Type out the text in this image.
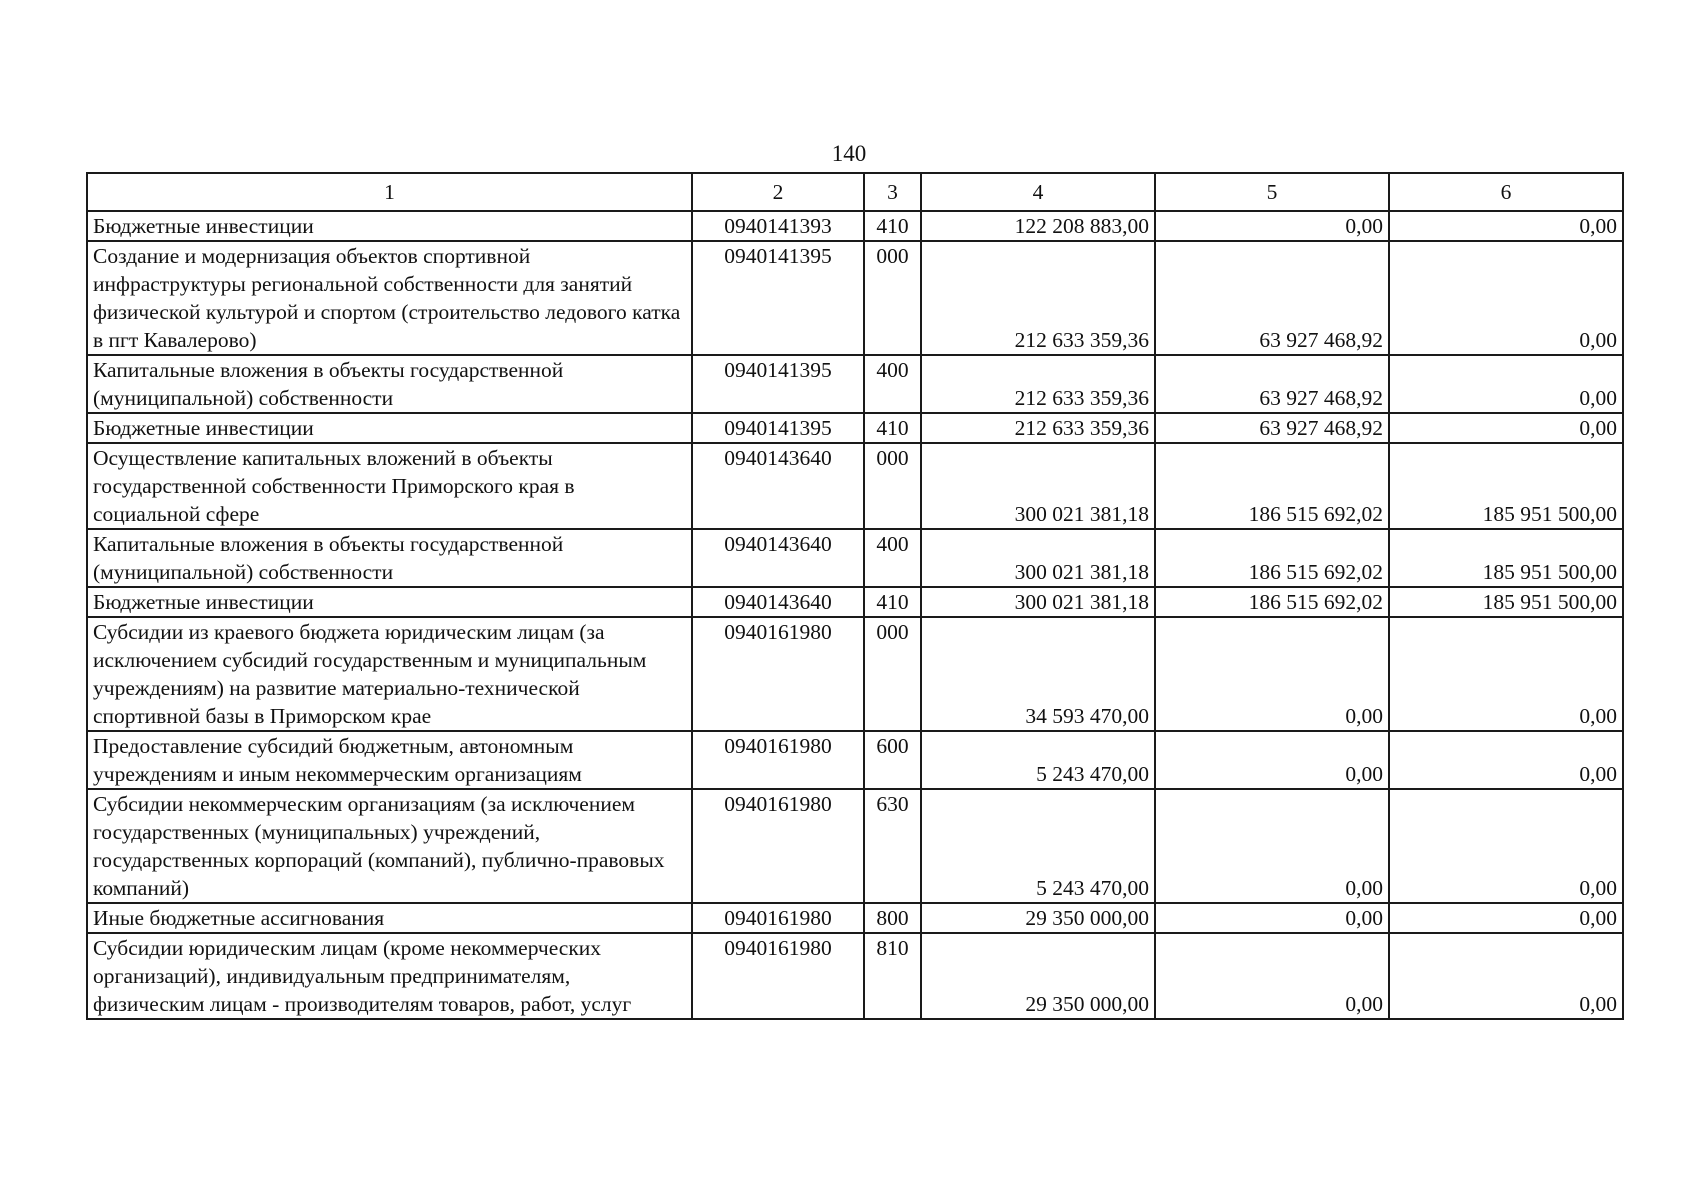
140
1	2	3	4	5	6
Бюджетные инвестиции	0940141393	410	122 208 883,00	0,00	0,00
Создание и модернизация объектов спортивной инфраструктуры региональной собственности для занятий физической культурой и спортом (строительство ледового катка в пгт Кавалерово)	0940141395	000	212 633 359,36	63 927 468,92	0,00
Капитальные вложения в объекты государственной (муниципальной) собственности	0940141395	400	212 633 359,36	63 927 468,92	0,00
Бюджетные инвестиции	0940141395	410	212 633 359,36	63 927 468,92	0,00
Осуществление капитальных вложений в объекты государственной собственности Приморского края в социальной сфере	0940143640	000	300 021 381,18	186 515 692,02	185 951 500,00
Капитальные вложения в объекты государственной (муниципальной) собственности	0940143640	400	300 021 381,18	186 515 692,02	185 951 500,00
Бюджетные инвестиции	0940143640	410	300 021 381,18	186 515 692,02	185 951 500,00
Субсидии из краевого бюджета юридическим лицам (за исключением субсидий государственным и муниципальным учреждениям) на развитие материально-технической спортивной базы в Приморском крае	0940161980	000	34 593 470,00	0,00	0,00
Предоставление субсидий бюджетным, автономным учреждениям и иным некоммерческим организациям	0940161980	600	5 243 470,00	0,00	0,00
Субсидии некоммерческим организациям (за исключением государственных (муниципальных) учреждений, государственных корпораций (компаний), публично-правовых компаний)	0940161980	630	5 243 470,00	0,00	0,00
Иные бюджетные ассигнования	0940161980	800	29 350 000,00	0,00	0,00
Субсидии юридическим лицам (кроме некоммерческих организаций), индивидуальным предпринимателям, физическим лицам - производителям товаров, работ, услуг	0940161980	810	29 350 000,00	0,00	0,00
